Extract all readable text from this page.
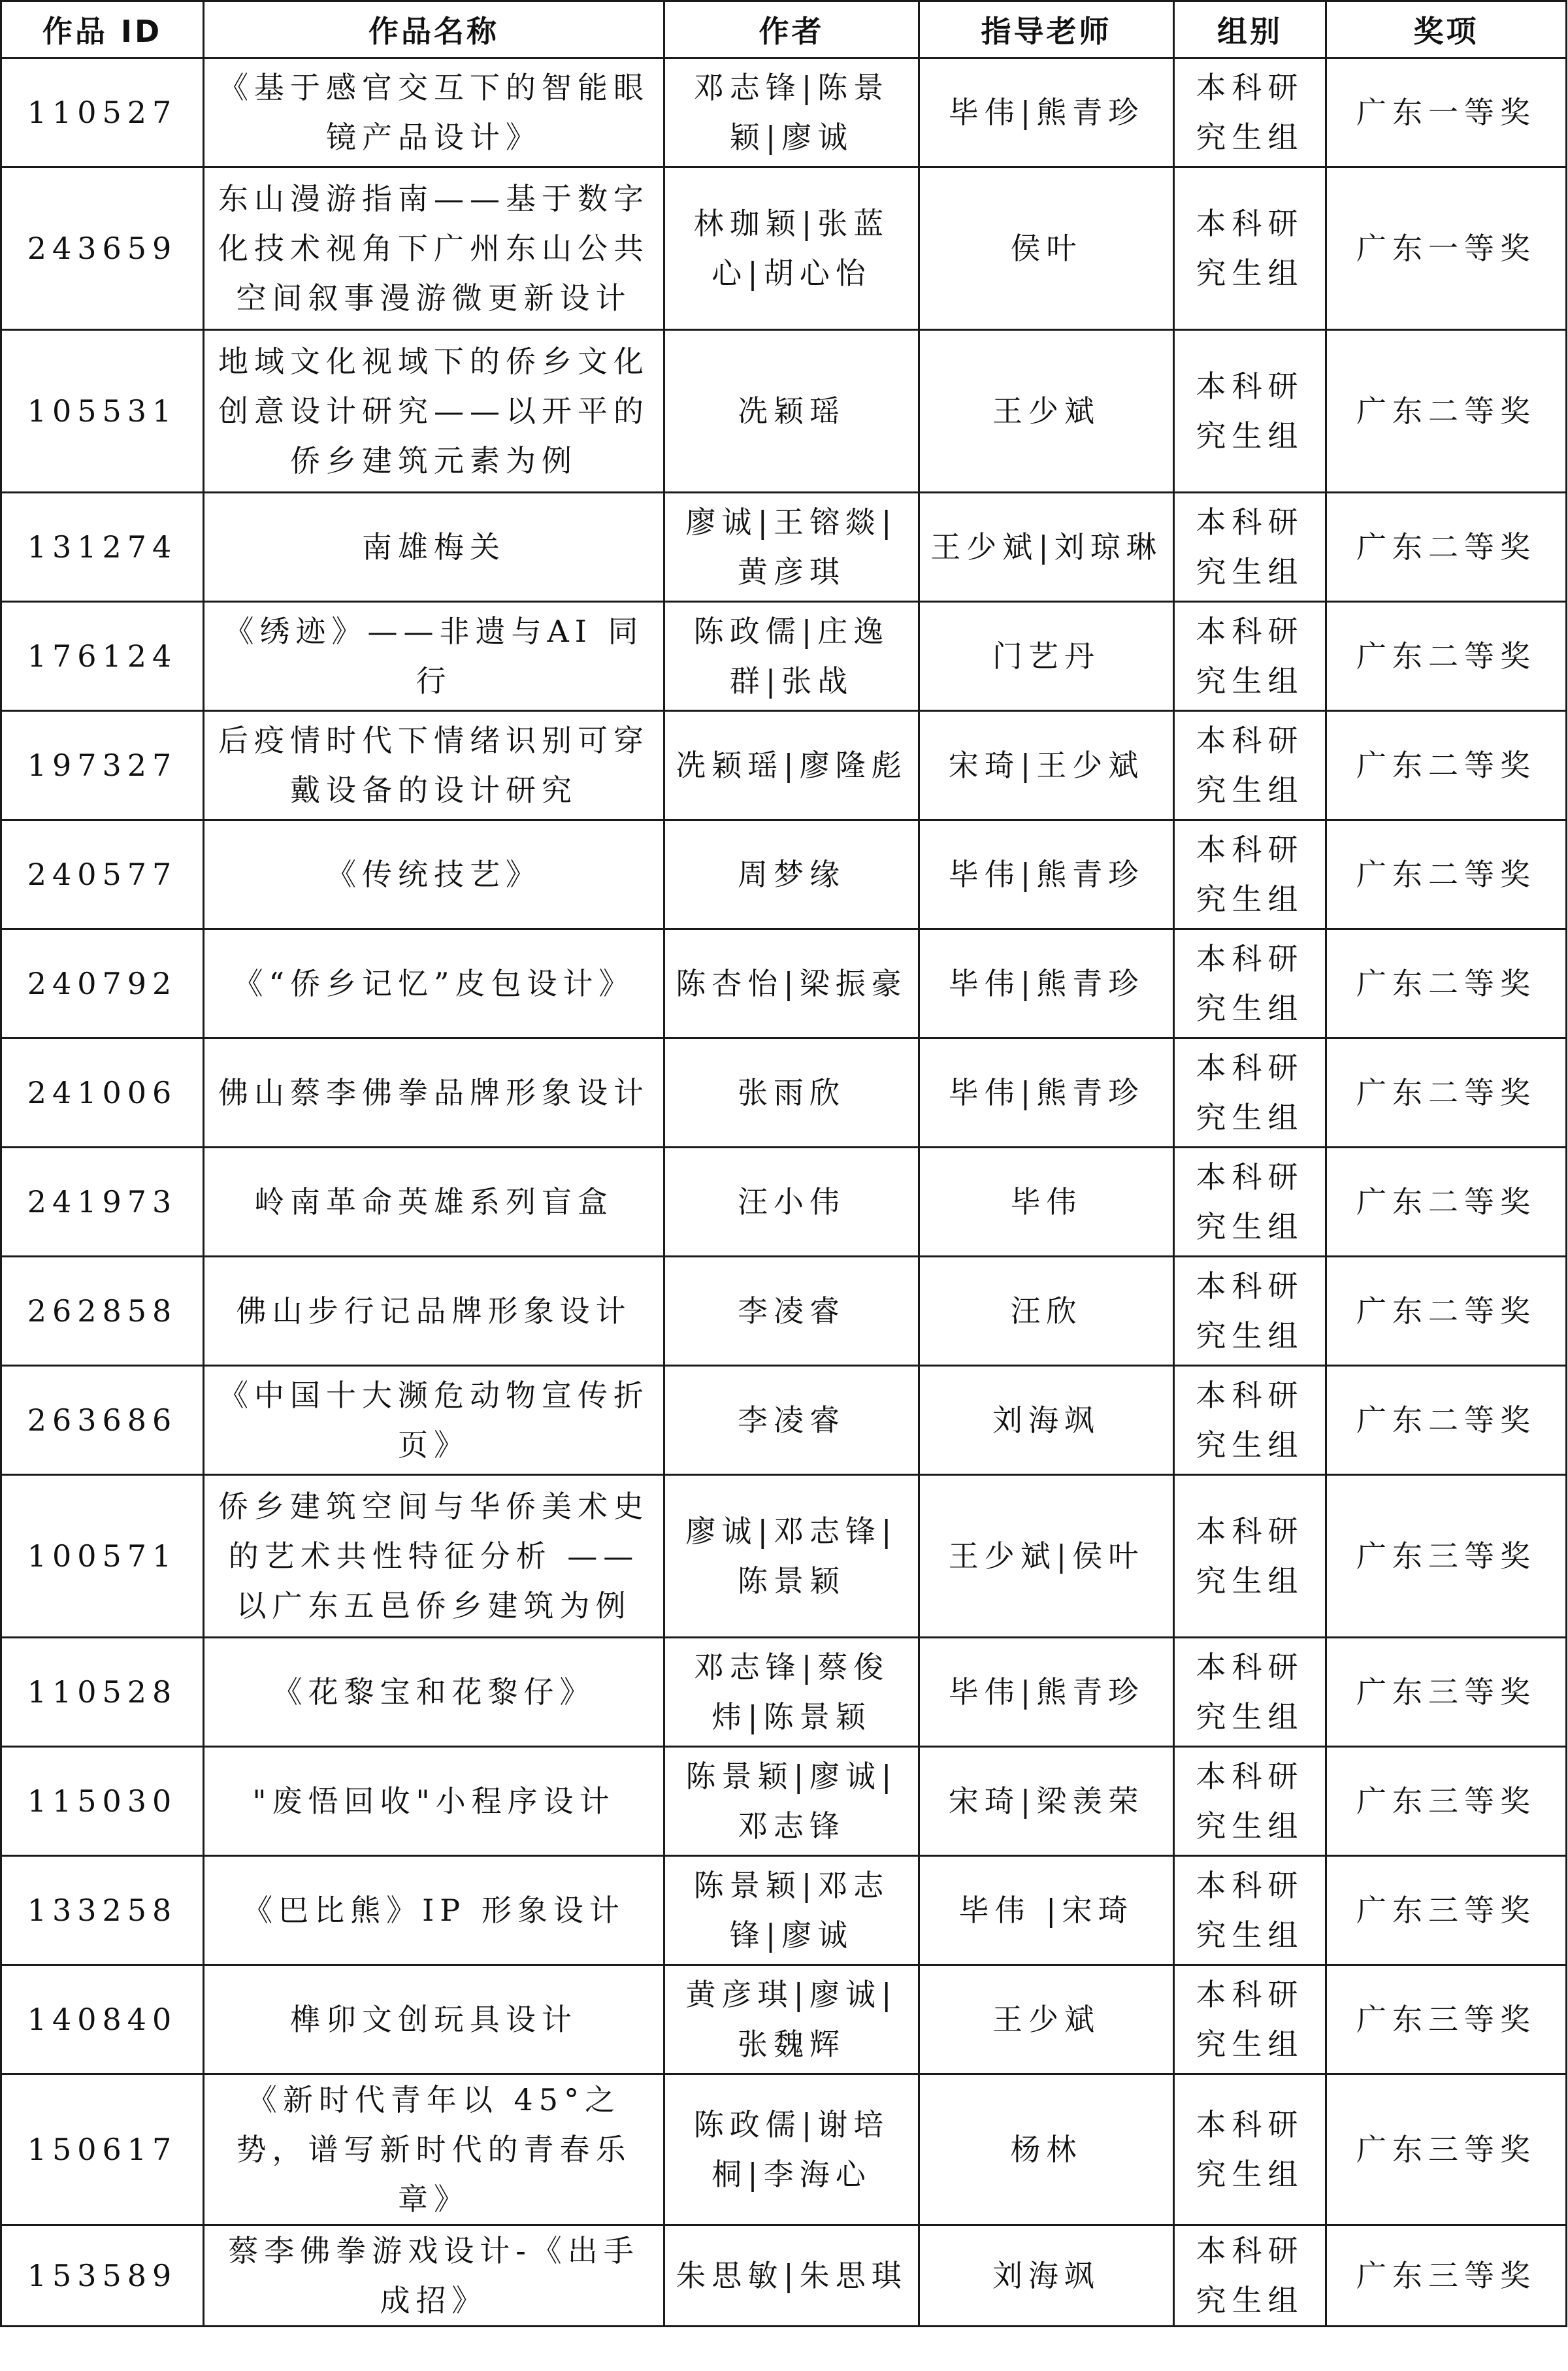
作品 ID	作品名称	作者	指导老师	组别	奖项
110527	《基于感官交互下的智能眼 镜产品设计》	邓志锋|陈景颖|廖诚	毕伟|熊青珍	本科研究生组	广东一等奖
243659	东山漫游指南——基于数字化技术视角下广州东山公共空间叙事漫游微更新设计	林珈颖|张蓝心|胡心怡	侯叶	本科研究生组	广东一等奖
105531	地域文化视域下的侨乡文化创意设计研究——以开平的侨乡建筑元素为例	冼颖瑶	王少斌	本科研究生组	广东二等奖
131274	南雄梅关	廖诚|王镕燚|黄彦琪	王少斌|刘琼琳	本科研究生组	广东二等奖
176124	《绣迹》——非遗与AI 同行	陈政儒|庄逸群|张战	门艺丹	本科研究生组	广东二等奖
197327	后疫情时代下情绪识别可穿 戴设备的设计研究	冼颖瑶|廖隆彪	宋琦|王少斌	本科研究生组	广东二等奖
240577	《传统技艺》	周梦缘	毕伟|熊青珍	本科研究生组	广东二等奖
240792	《“侨乡记忆”皮包设计》	陈杏怡|梁振豪	毕伟|熊青珍	本科研究生组	广东二等奖
241006	佛山蔡李佛拳品牌形象设计	张雨欣	毕伟|熊青珍	本科研究生组	广东二等奖
241973	岭南革命英雄系列盲盒	汪小伟	毕伟	本科研究生组	广东二等奖
262858	佛山步行记品牌形象设计	李凌睿	汪欣	本科研究生组	广东二等奖
263686	《中国十大濒危动物宣传折 页》	李凌睿	刘海飒	本科研究生组	广东二等奖
100571	侨乡建筑空间与华侨美术史的艺术共性特征分析 ——以广东五邑侨乡建筑为例	廖诚|邓志锋|陈景颖	王少斌|侯叶	本科研究生组	广东三等奖
110528	《花黎宝和花黎仔》	邓志锋|蔡俊炜|陈景颖	毕伟|熊青珍	本科研究生组	广东三等奖
115030	"废悟回收"小程序设计	陈景颖|廖诚|邓志锋	宋琦|梁羡荣	本科研究生组	广东三等奖
133258	《巴比熊》IP 形象设计	陈景颖|邓志锋|廖诚	毕伟 |宋琦	本科研究生组	广东三等奖
140840	榫卯文创玩具设计	黄彦琪|廖诚|张魏辉	王少斌	本科研究生组	广东三等奖
150617	《新时代青年以 45°之势，谱写新时代的青春乐章》	陈政儒|谢培桐|李海心	杨林	本科研究生组	广东三等奖
153589	蔡李佛拳游戏设计-《出手成招》	朱思敏|朱思琪	刘海飒	本科研究生组	广东三等奖
